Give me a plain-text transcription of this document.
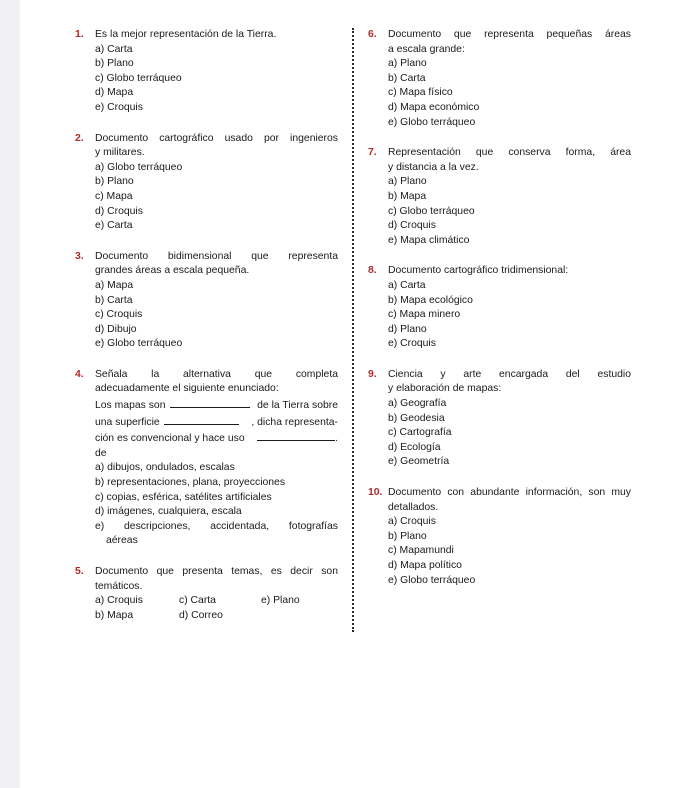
1.	Es la mejor representación de la Tierra.
a) Carta
b) Plano
c) Globo terráqueo
d) Mapa
e) Croquis
2.	Documento cartográfico usado por ingenieros
y militares.
a) Globo terráqueo
b) Plano
c) Mapa
d) Croquis
e) Carta
3.	Documento bidimensional que representa
grandes áreas a escala pequeña.
a) Mapa
b) Carta
c) Croquis
d) Dibujo
e) Globo terráqueo
4.	Señala la alternativa que completa
adecuadamente el siguiente enunciado:
Los mapas son	de la Tierra sobre
una superficie	, dicha representa-
ción es convencional y hace uso de
.
a) dibujos, ondulados, escalas
b) representaciones, plana, proyecciones
c) copias, esférica, satélites artificiales
d) imágenes, cualquiera, escala
e) descripciones, accidentada, fotografías
aéreas
5.	Documento que presenta temas, es decir son
temáticos.
a) Croquis	c) Carta	e) Plano
b) Mapa	d) Correo
6.	Documento que representa pequeñas áreas
a escala grande:
a) Plano
b) Carta
c) Mapa físico
d) Mapa económico
e) Globo terráqueo
7.	Representación que conserva forma, área
y distancia a la vez.
a) Plano
b) Mapa
c) Globo terráqueo
d) Croquis
e) Mapa climático
8.	Documento cartográfico tridimensional:
a) Carta
b) Mapa ecológico
c) Mapa minero
d) Plano
e) Croquis
9.	Ciencia y arte encargada del estudio
y elaboración de mapas:
a) Geografía
b) Geodesia
c) Cartografía
d) Ecología
e) Geometría
10. Documento con abundante información, son muy
detallados.
a) Croquis
b) Plano
c) Mapamundi
d) Mapa político
e) Globo terráqueo
